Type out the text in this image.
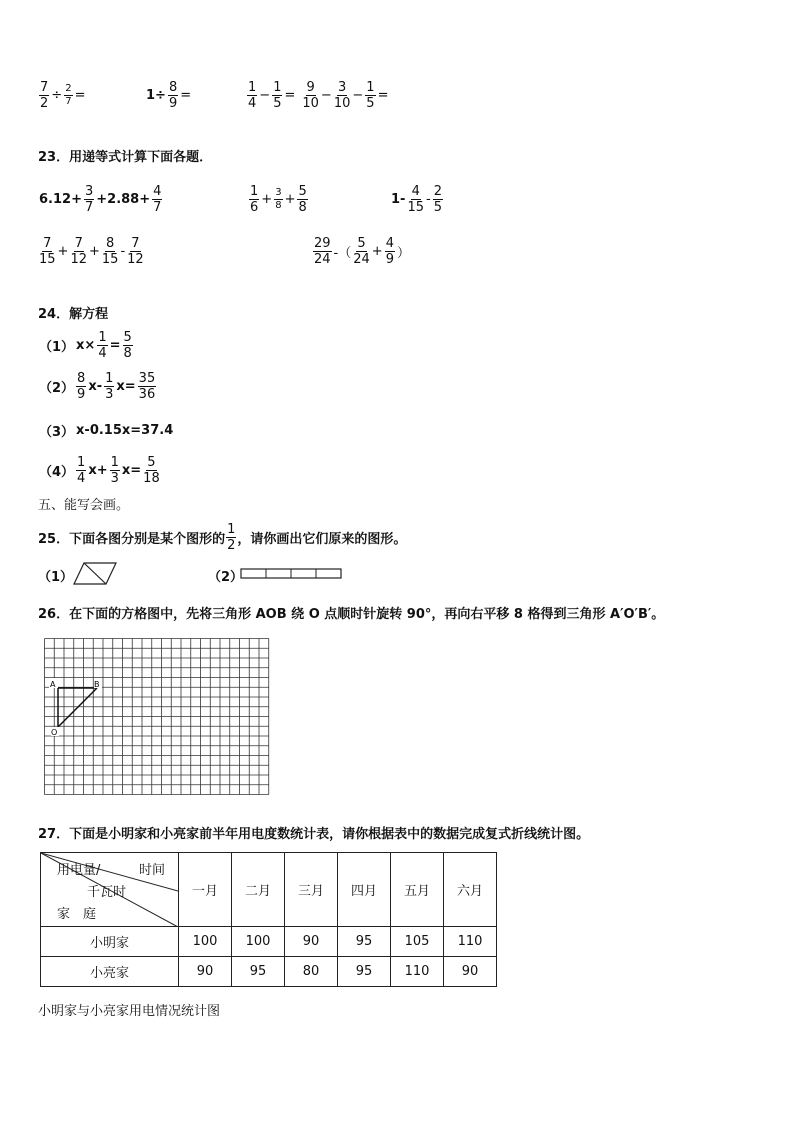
$\frac{7}{2} \div \frac{2}{7}$ =	$1\div \frac{8}{9}$ =	$\frac{1}{4} - \frac{1}{5} = \frac{9}{10} - \frac{3}{10} - \frac{1}{5}$ =
23．用递等式计算下面各题．
$6.12+ \frac{3}{7} +2.88+ \frac{4}{7}$	$\frac{1}{6} + \frac{3}{8} + \frac{5}{8}$	$1- \frac{4}{15} - \frac{2}{5}$
$\frac{7}{15} + \frac{7}{12} + \frac{8}{15} - \frac{7}{12}$	$\frac{29}{24}$ -（ $\frac{5}{24} + \frac{4}{9}$ ）
24．解方程
（1） $x\times \frac{1}{4} = \frac{5}{8}$
$(2) \frac{8}{9} x- \frac{1}{3} x= \frac{35}{36}$
（3） x-0.15x=37.4
$(4) \frac{1}{4} x+ \frac{1}{3} x= \frac{5}{18}$
五、能写会画。
25．下面各图分别是某个图形的 $\frac{1}{2}$ ，请你画出它们原来的图形。
（1）	（2）
26．在下面的方格图中，先将三角形 AOB 绕 O 点顺时针旋转 90°，再向右平移 8 格得到三角形 A′O′B′。
A	B
O
27．下面是小明家和小亮家前半年用电度数统计表，请你根据表中的数据完成复式折线统计图。
用电量/ 时间
千瓦时
家　庭	一月	二月	三月	四月	五月	六月
小明家	100	100	90	95	105	110
小亮家	90	95	80	95	110	90
小明家与小亮家用电情况统计图
